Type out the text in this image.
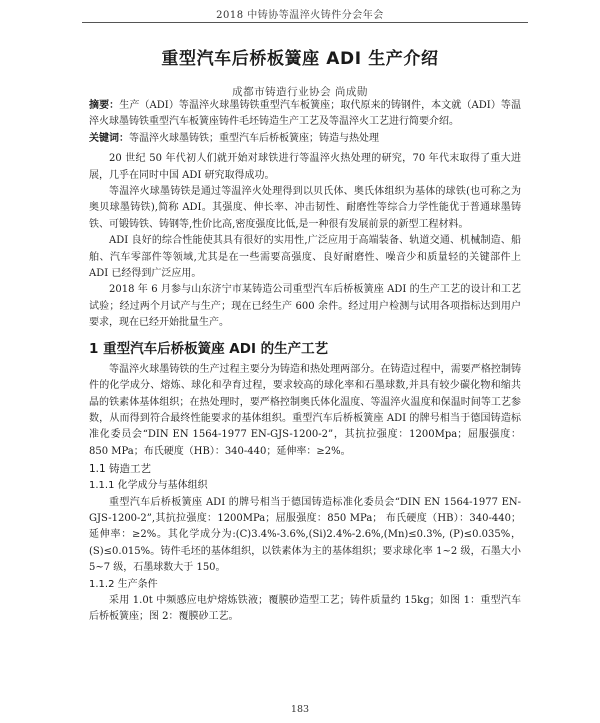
2018 中铸协等温淬火铸件分会年会
重型汽车后桥板簧座 ADI 生产介绍
成都市铸造行业协会 尚成勋

摘要：生产（ADI）等温淬火球墨铸铁重型汽车板簧座；取代原来的铸钢件，本文就（ADI）等温淬火球墨铸铁重型汽车板簧座铸件毛坯铸造生产工艺及等温淬火工艺进行简要介绍。

关键词：等温淬火球墨铸铁；重型汽车后桥板簧座；铸造与热处理

20 世纪 50 年代初人们就开始对球铁进行等温淬火热处理的研究，70 年代末取得了重大进展，几乎在同时中国 ADI 研究取得成功。

等温淬火球墨铸铁是通过等温淬火处理得到以贝氏体、奥氏体组织为基体的球铁(也可称之为奥贝球墨铸铁),简称 ADI。其强度、伸长率、冲击韧性、耐磨性等综合力学性能优于普通球墨铸铁、可锻铸铁、铸钢等,性价比高,密度强度比低,是一种很有发展前景的新型工程材料。

ADI 良好的综合性能使其具有很好的实用性,广泛应用于高端装备、轨道交通、机械制造、船舶、汽车零部件等领域,尤其是在一些需要高强度、良好耐磨性、噪音少和质量轻的关键部件上 ADI 已经得到广泛应用。

2018 年 6 月参与山东济宁市某铸造公司重型汽车后桥板簧座 ADI 的生产工艺的设计和工艺试验；经过两个月试产与生产；现在已经生产 600 余件。经过用户检测与试用各项指标达到用户要求，现在已经开始批量生产。

1 重型汽车后桥板簧座 ADI 的生产工艺

等温淬火球墨铸铁的生产过程主要分为铸造和热处理两部分。在铸造过程中，需要严格控制铸件的化学成分、熔炼、球化和孕育过程，要求较高的球化率和石墨球数,并具有较少碳化物和缩共晶的铁素体基体组织；在热处理时，要严格控制奥氏体化温度、等温淬火温度和保温时间等工艺参数，从而得到符合最终性能要求的基体组织。重型汽车后桥板簧座 ADI 的牌号相当于德国铸造标准化委员会“DIN EN 1564-1977 EN-GJS-1200-2”，其抗拉强度：1200Mpa；屈服强度：850 MPa；布氏硬度（HB）：340-440；延伸率：≥2%。

1.1 铸造工艺
1.1.1 化学成分与基体组织

重型汽车后桥板簧座 ADI 的牌号相当于德国铸造标准化委员会“DIN EN 1564-1977 EN-GJS-1200-2”,其抗拉强度：1200MPa；屈服强度：850 MPa； 布氏硬度（HB）：340-440；延伸率：≥2%。其化学成分为:(C)3.4%-3.6%,(Si)2.4%-2.6%,(Mn)≤0.3%, (P)≤0.035%，(S)≤0.015%。铸件毛坯的基体组织，以铁素体为主的基体组织；要求球化率 1~2 级，石墨大小 5~7 级，石墨球数大于 150。

1.1.2 生产条件

采用 1.0t 中频感应电炉熔炼铁液；覆膜砂造型工艺；铸件质量约 15kg；如图 1：重型汽车后桥板簧座；图 2：覆膜砂工艺。

183
